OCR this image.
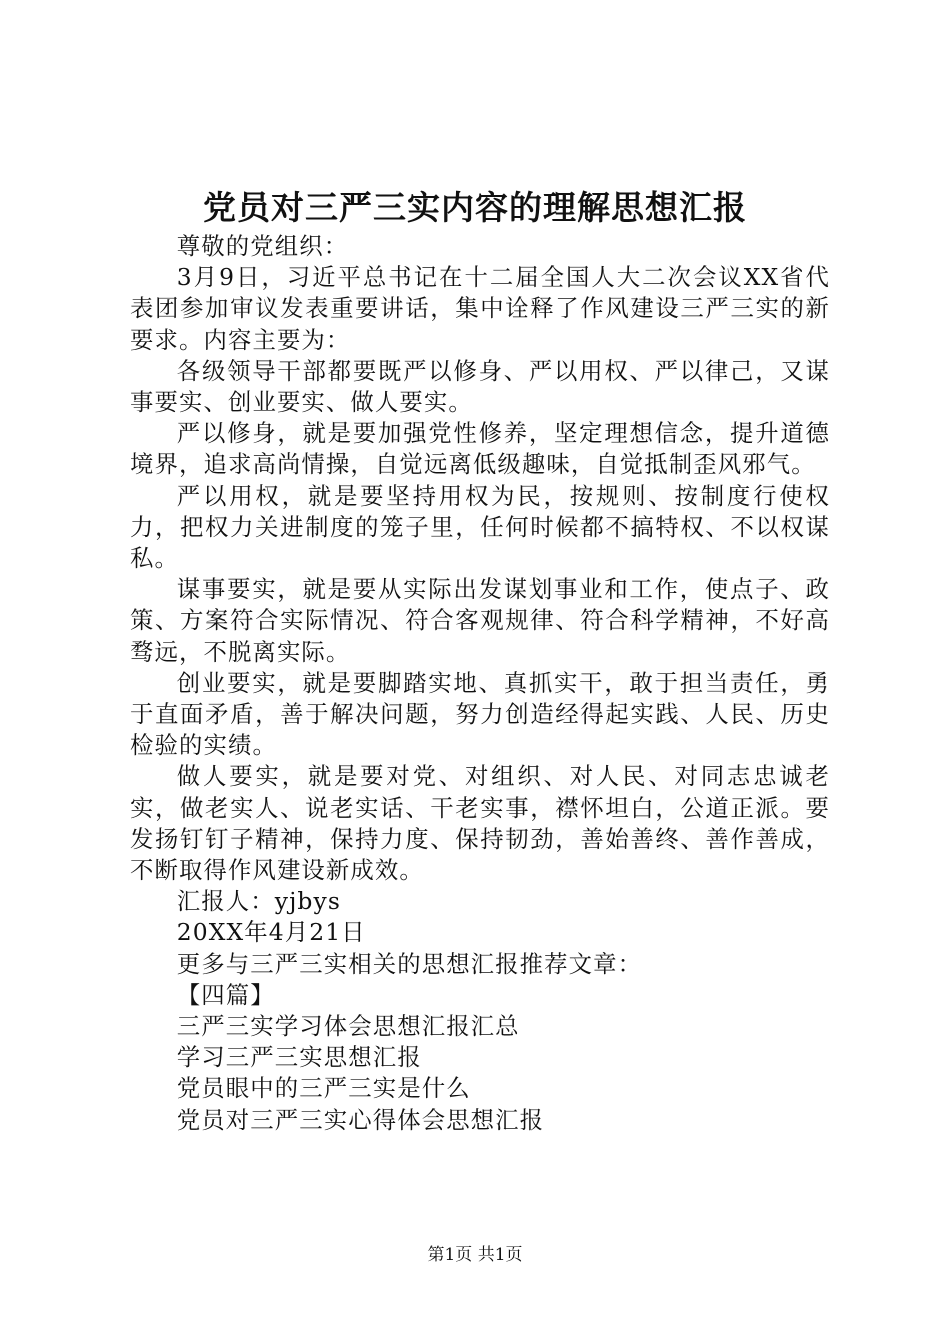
党员对三严三实内容的理解思想汇报

尊敬的党组织：

3月9日，习近平总书记在十二届全国人大二次会议XX省代表团参加审议发表重要讲话，集中诠释了作风建设三严三实的新要求。内容主要为：

各级领导干部都要既严以修身、严以用权、严以律己，又谋事要实、创业要实、做人要实。

严以修身，就是要加强党性修养，坚定理想信念，提升道德境界，追求高尚情操，自觉远离低级趣味，自觉抵制歪风邪气。

严以用权，就是要坚持用权为民，按规则、按制度行使权力，把权力关进制度的笼子里，任何时候都不搞特权、不以权谋私。

谋事要实，就是要从实际出发谋划事业和工作，使点子、政策、方案符合实际情况、符合客观规律、符合科学精神，不好高骛远，不脱离实际。

创业要实，就是要脚踏实地、真抓实干，敢于担当责任，勇于直面矛盾，善于解决问题，努力创造经得起实践、人民、历史检验的实绩。

做人要实，就是要对党、对组织、对人民、对同志忠诚老实，做老实人、说老实话、干老实事，襟怀坦白，公道正派。要发扬钉钉子精神，保持力度、保持韧劲，善始善终、善作善成，不断取得作风建设新成效。

汇报人：yjbys

20XX年4月21日

更多与三严三实相关的思想汇报推荐文章：

【四篇】

三严三实学习体会思想汇报汇总

学习三严三实思想汇报

党员眼中的三严三实是什么

党员对三严三实心得体会思想汇报

第1页 共1页
